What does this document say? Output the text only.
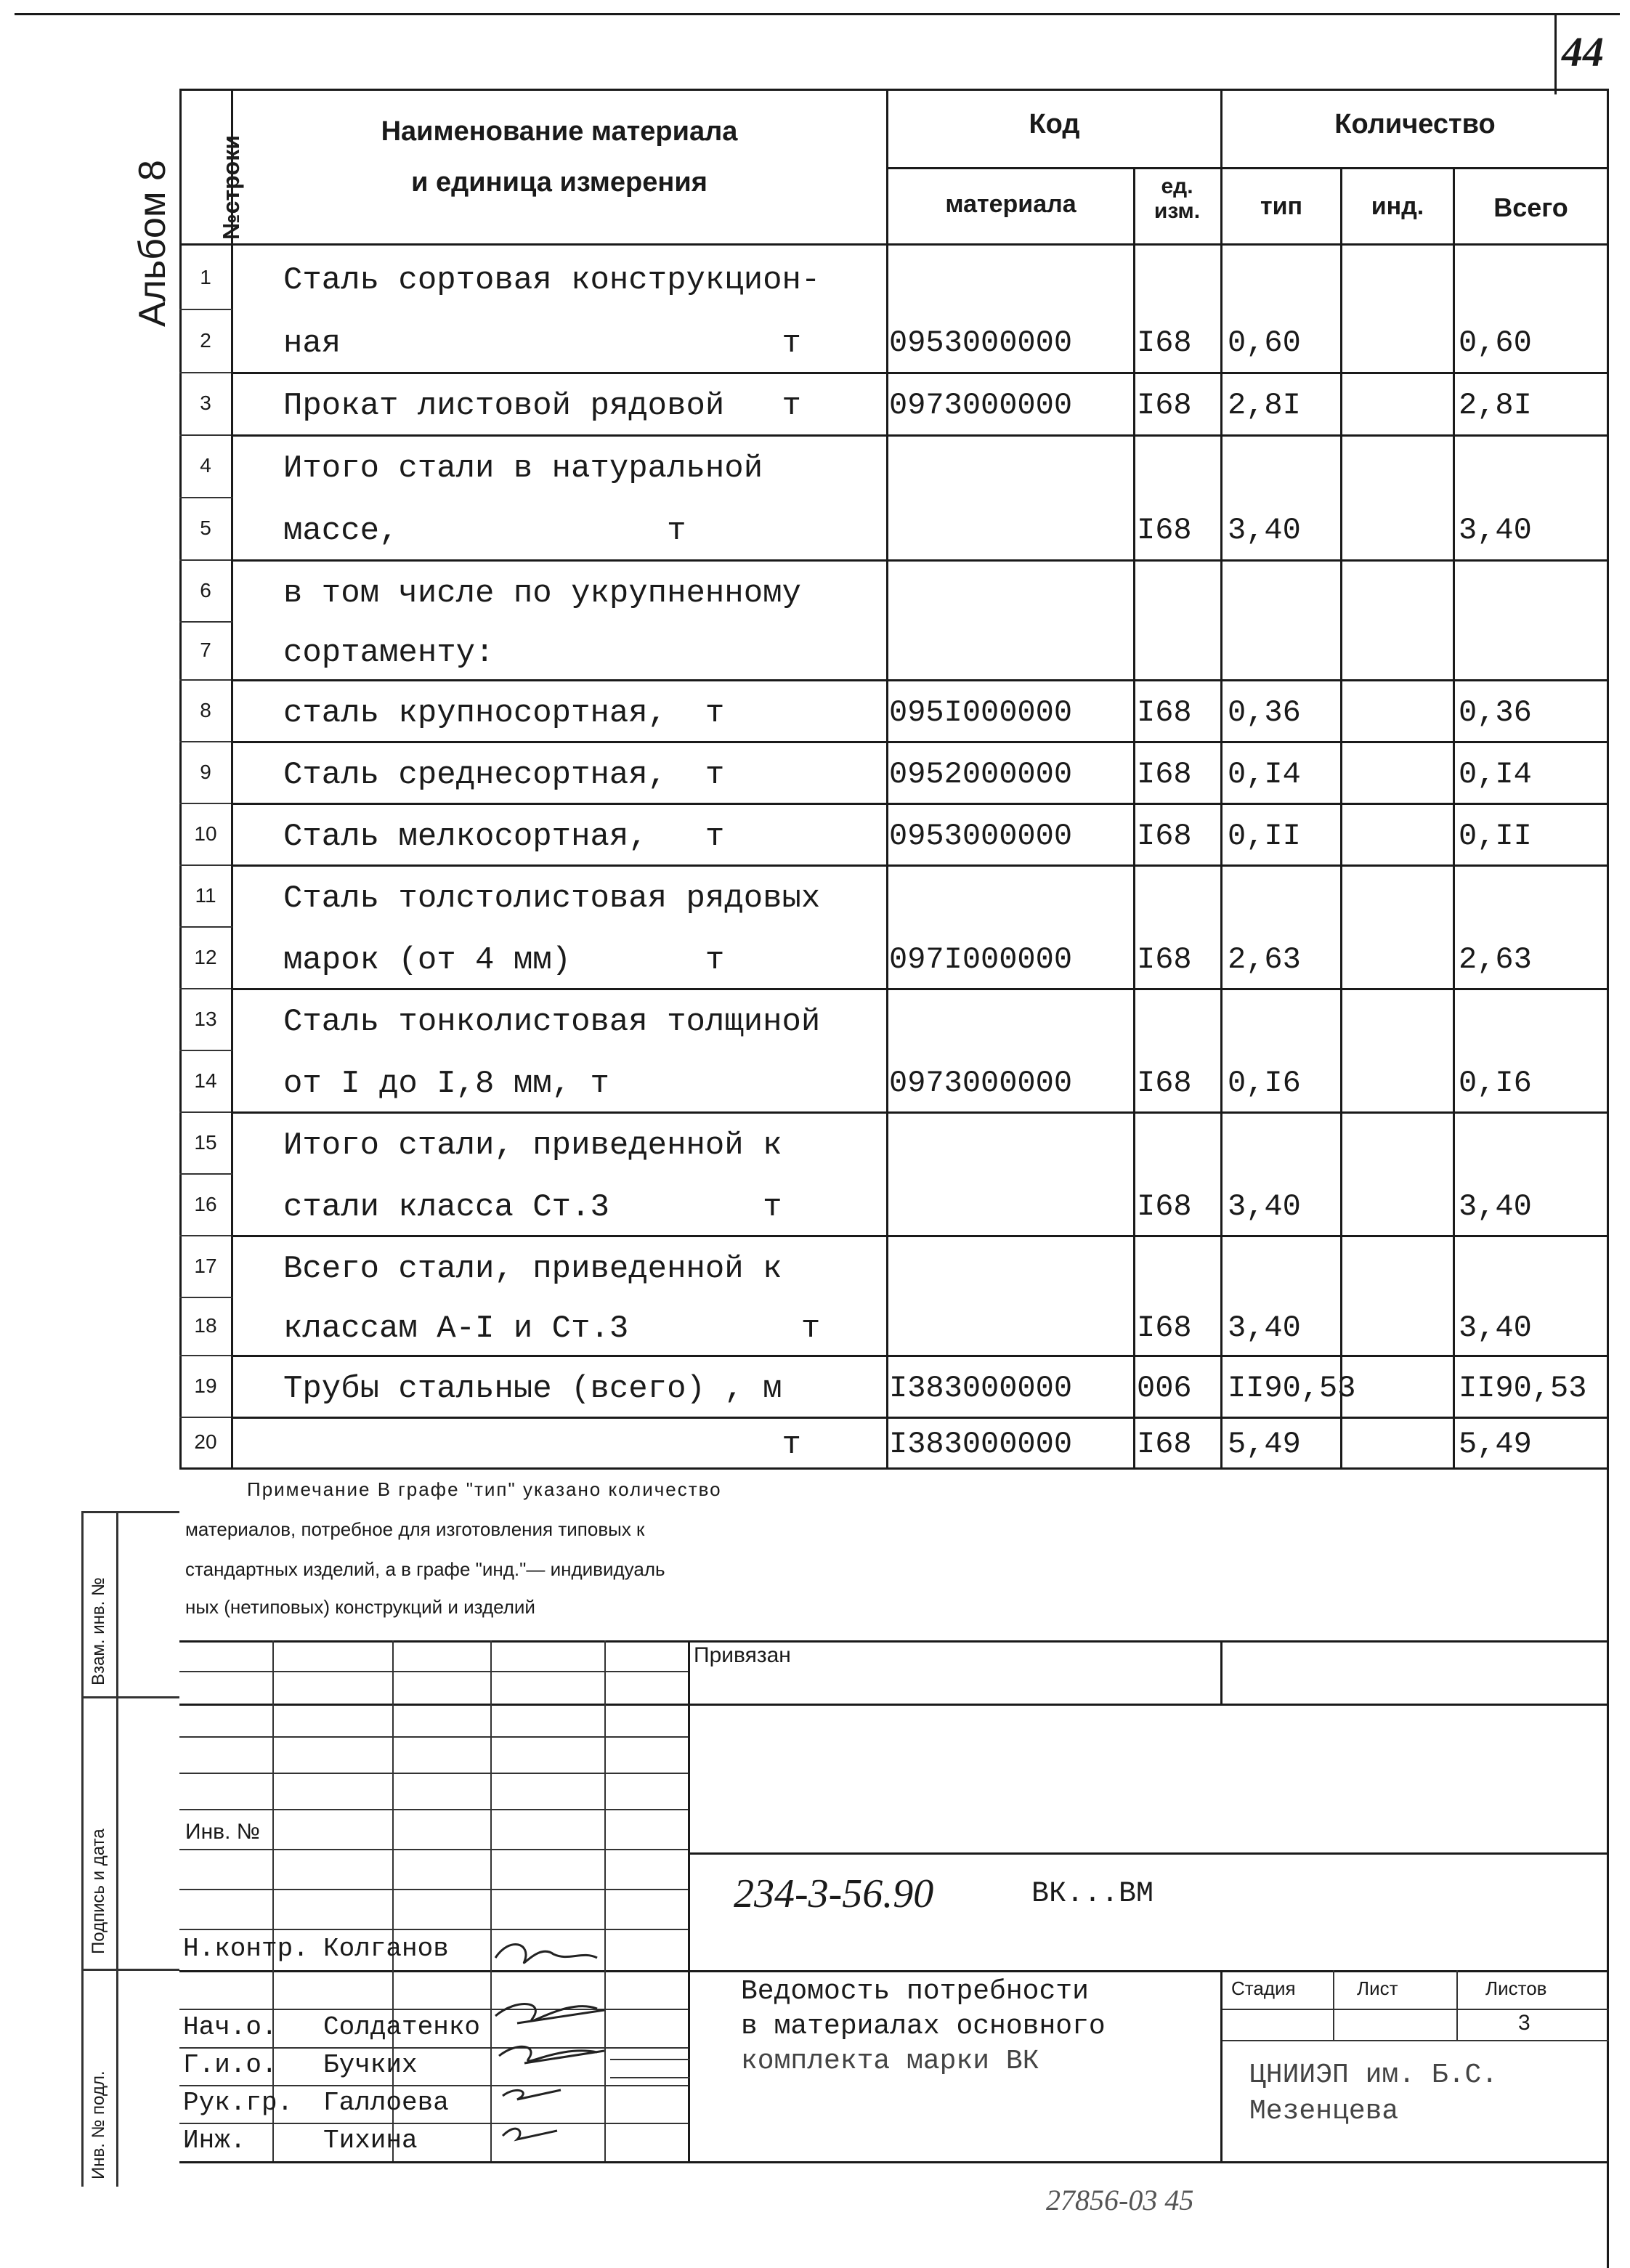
44
Альбом 8
Наименование материала
и единица измерения
№строки
Код
материала
ед. изм.
Количество
тип	инд.	Всего
1	Сталь сортовая конструкцион-
2	ная                       т	0953000000 I68 0,60	0,60
3	Прокат листовой рядовой   т	0973000000 I68 2,8I	2,8I
4	Итого стали в натуральной
5	массе,              т	I68 3,40	3,40
6	в том числе по укрупненному
7	сортаменту:
8	сталь крупносортная,  т	095I000000 I68 0,36	0,36
9	Сталь среднесортная,  т	0952000000 I68 0,I4	0,I4
10	Сталь мелкосортная,   т	0953000000 I68 0,II	0,II
11	Сталь толстолистовая рядовых
12	марок (от 4 мм)       т	097I000000 I68 2,63	2,63
13	Сталь тонколистовая толщиной
14	от I до I,8 мм, т	0973000000 I68 0,I6	0,I6
15	Итого стали, приведенной к
16	стали класса Ст.3        т	I68 3,40	3,40
17	Всего стали, приведенной к
18	классам А-I и Ст.3         т	I68 3,40	3,40
19	Трубы стальные (всего) , м	I383000000 006 II90,53	II90,53
20	т	I383000000 I68 5,49	5,49
Примечание В графе "тип" указано количество
материалов, потребное для изготовления типовых к
стандартных изделий, а в графе "инд."— индивидуаль
ных (нетиповых) конструкций и изделий
Взам. инв. №
Подпись и дата
Инв. № подл.
Привязан
Инв. №
234-3-56.90	ВК...ВМ
Н.контр. Колганов
Нач.о. Солдатенко
Г.и.о. Бучких
Рук.гр. Галлоева
Инж.	Тихина
Ведомость потребности
в материалах основного
комплекта марки ВК
Стадия	Лист	Листов
3
ЦНИИЭП им. Б.С.
Мезенцева
27856-03 45
